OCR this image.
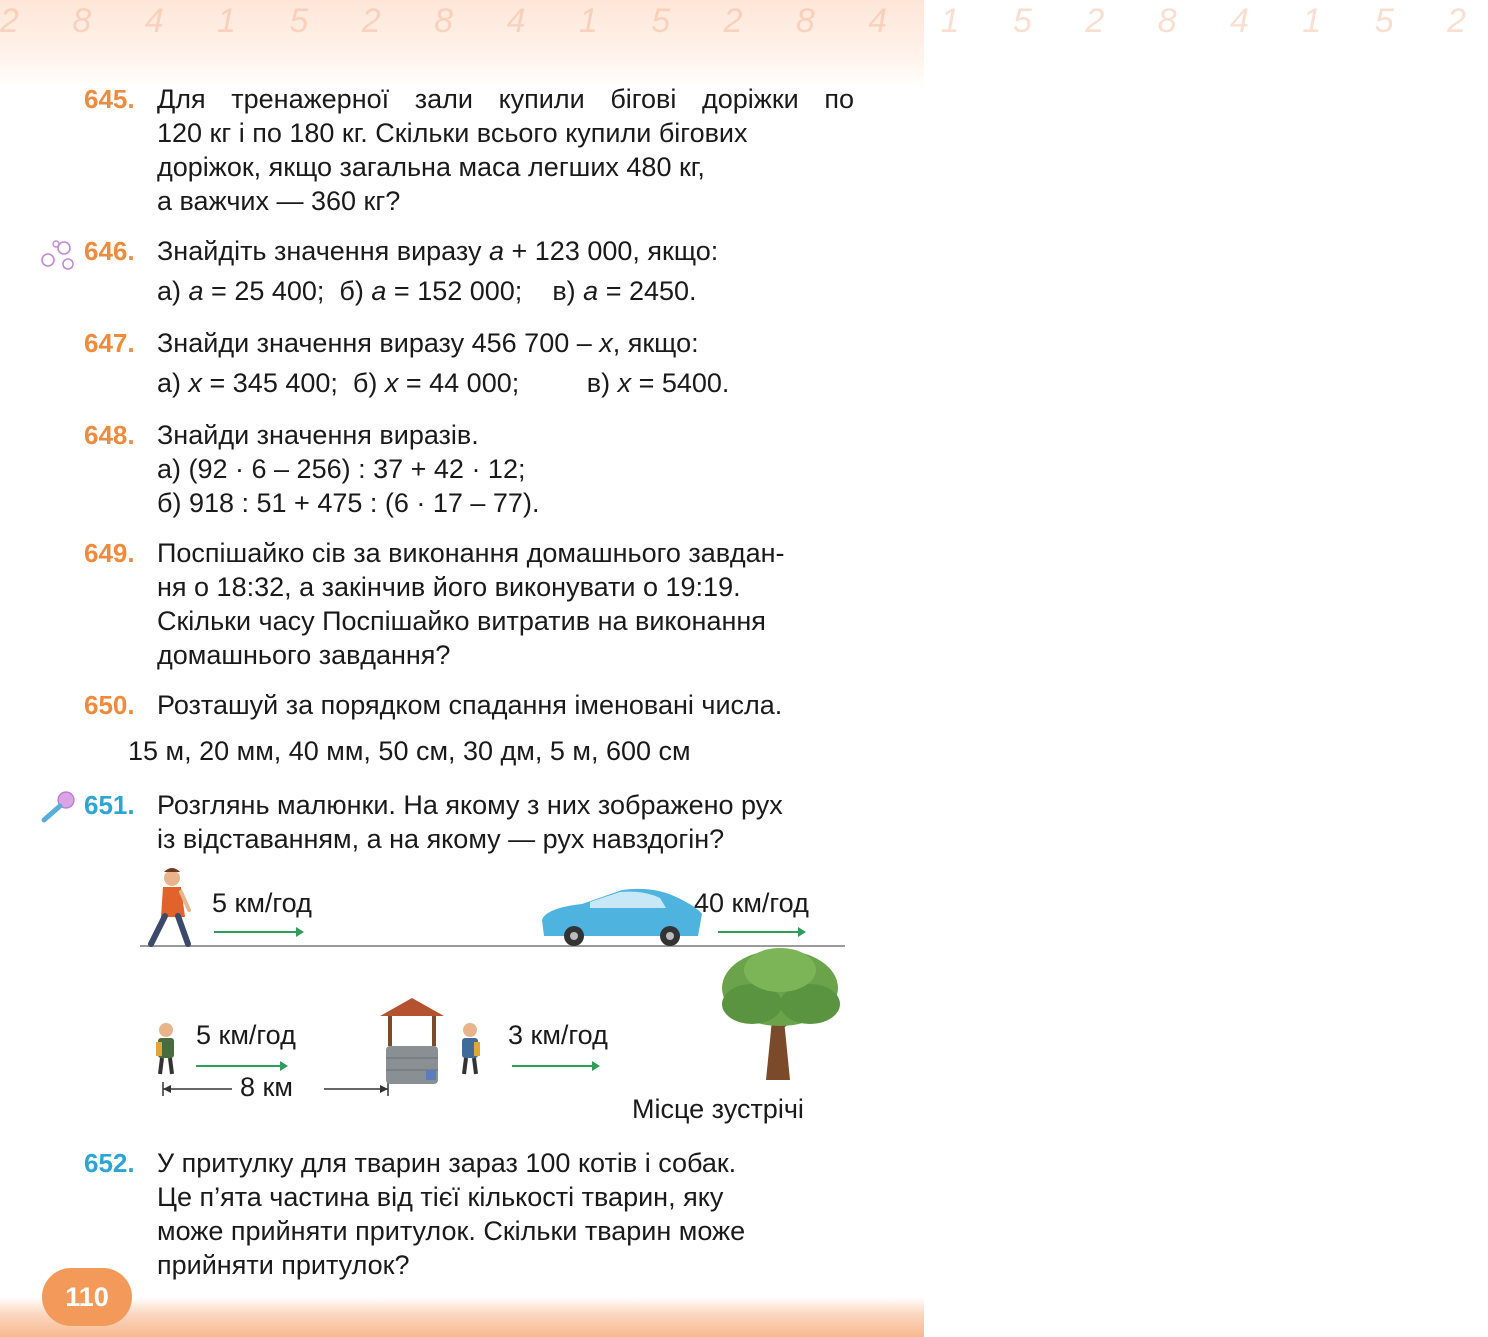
2 8 4 1 5 2 8 4 1 5 2 8 4 1 5 2 8 4 1 5 2
110
645. Для тренажерної зали купили бігові доріжки по
120 кг і по 180 кг. Скільки всього купили бігових
доріжок, якщо загальна маса легших 480 кг,
а важчих — 360 кг?
646. Знайдіть значення виразу а + 123 000, якщо:
а) а = 25 400; б) а = 152 000; в) а = 2450.
647. Знайди значення виразу 456 700 – х, якщо:
а) х = 345 400; б) х = 44 000;	в) х = 5400.
648. Знайди значення виразів.
а) (92 · 6 – 256) : 37 + 42 · 12;
б) 918 : 51 + 475 : (6 · 17 – 77).
649. Поспішайко сів за виконання домашнього завдан-
ня о 18:32, а закінчив його виконувати о 19:19.
Скільки часу Поспішайко витратив на виконання
домашнього завдання?
650. Розташуй за порядком спадання іменовані числа.
15 м, 20 мм, 40 мм, 50 см, 30 дм, 5 м, 600 см
651. Розглянь малюнки. На якому з них зображено рух
із відставанням, а на якому — рух навздогін?
5 км/год	40 км/год
5 км/год	3 км/год
8 км
Місце зустрічі
652. У притулку для тварин зараз 100 котів і собак.
Це п’ята частина від тієї кількості тварин, яку
може прийняти притулок. Скільки тварин може
прийняти притулок?
